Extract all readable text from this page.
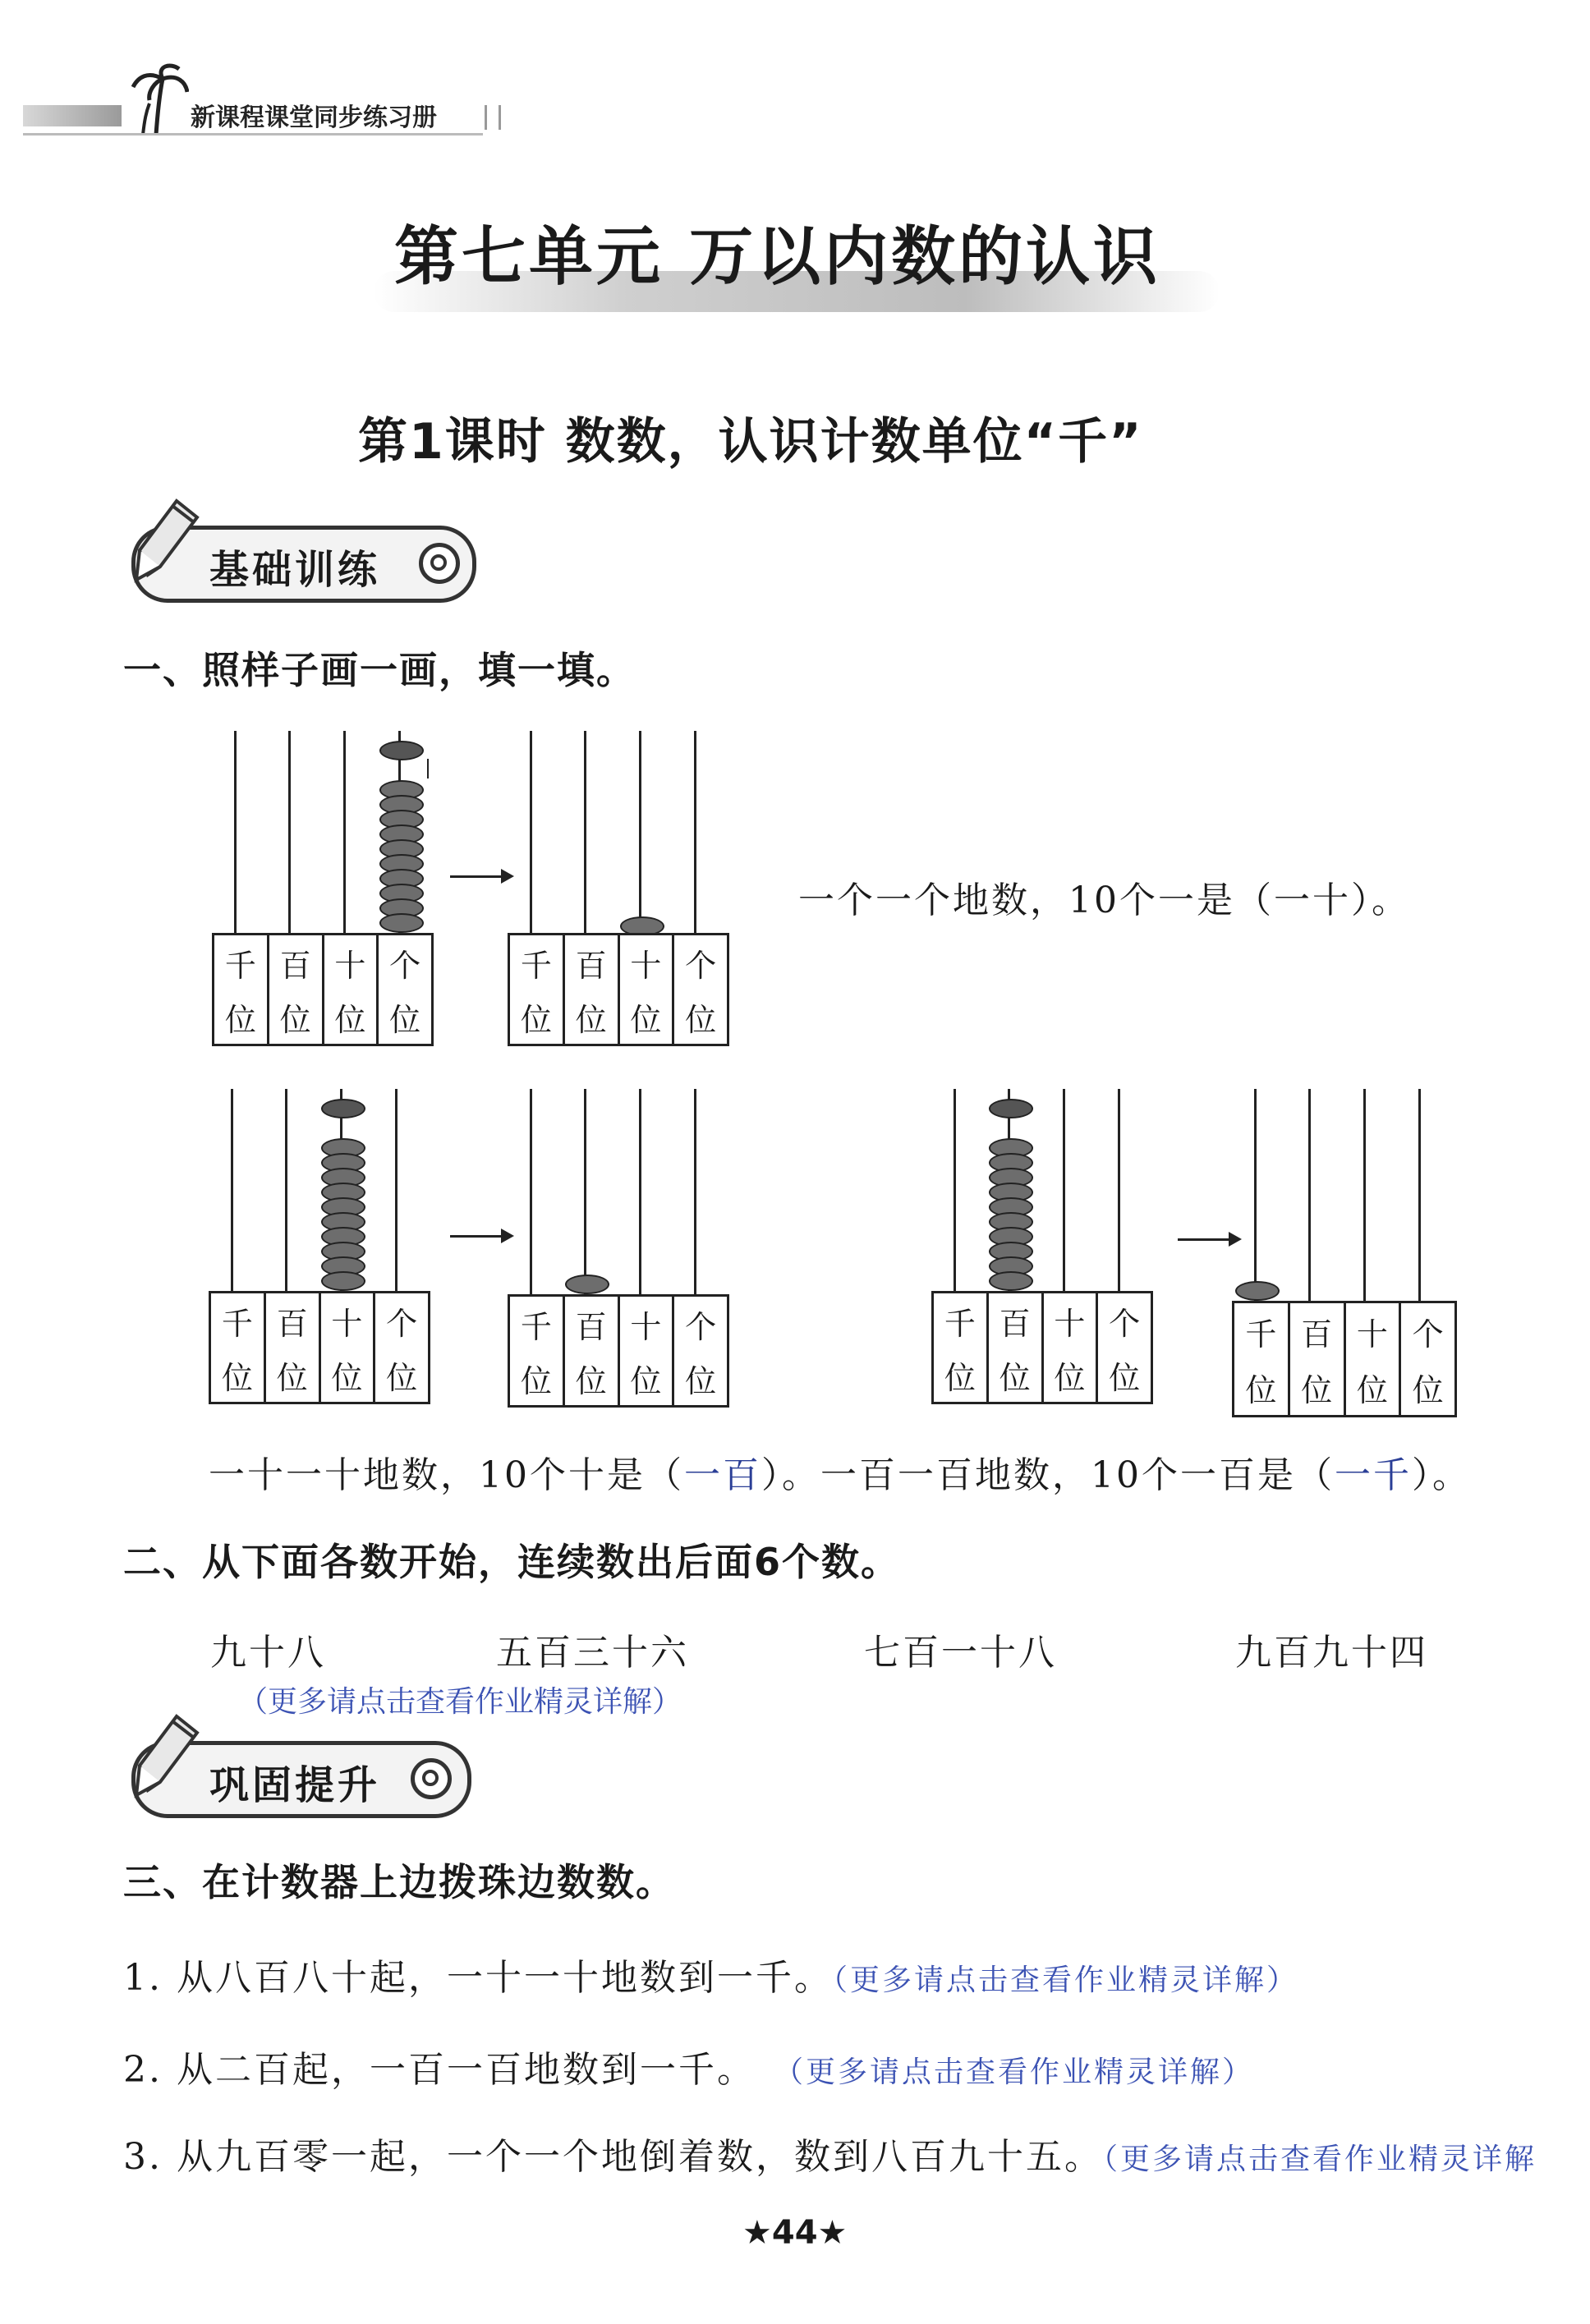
新课程课堂同步练习册
第七单元 万以内数的认识
第1课时 数数，认识计数单位“千”
基础训练
一、照样子画一画，填一填。
千
位
百
位
十
位
个
位
千
位
百
位
十
位
个
位
一个一个地数，10个一是（一十）。
千
位
百
位
十
位
个
位
千
位
百
位
十
位
个
位
千
位
百
位
十
位
个
位
千
位
百
位
十
位
个
位
一十一十地数，10个十是（一百）。一百一百地数，10个一百是（一千）。
二、从下面各数开始，连续数出后面6个数。
九十八	五百三十六	七百一十八	九百九十四
（更多请点击查看作业精灵详解）
巩固提升
三、在计数器上边拨珠边数数。
1. 从八百八十起，一十一十地数到一千。（更多请点击查看作业精灵详解）
2. 从二百起，一百一百地数到一千。 （更多请点击查看作业精灵详解）
3. 从九百零一起，一个一个地倒着数，数到八百九十五。（更多请点击查看作业精灵详解
★44★
